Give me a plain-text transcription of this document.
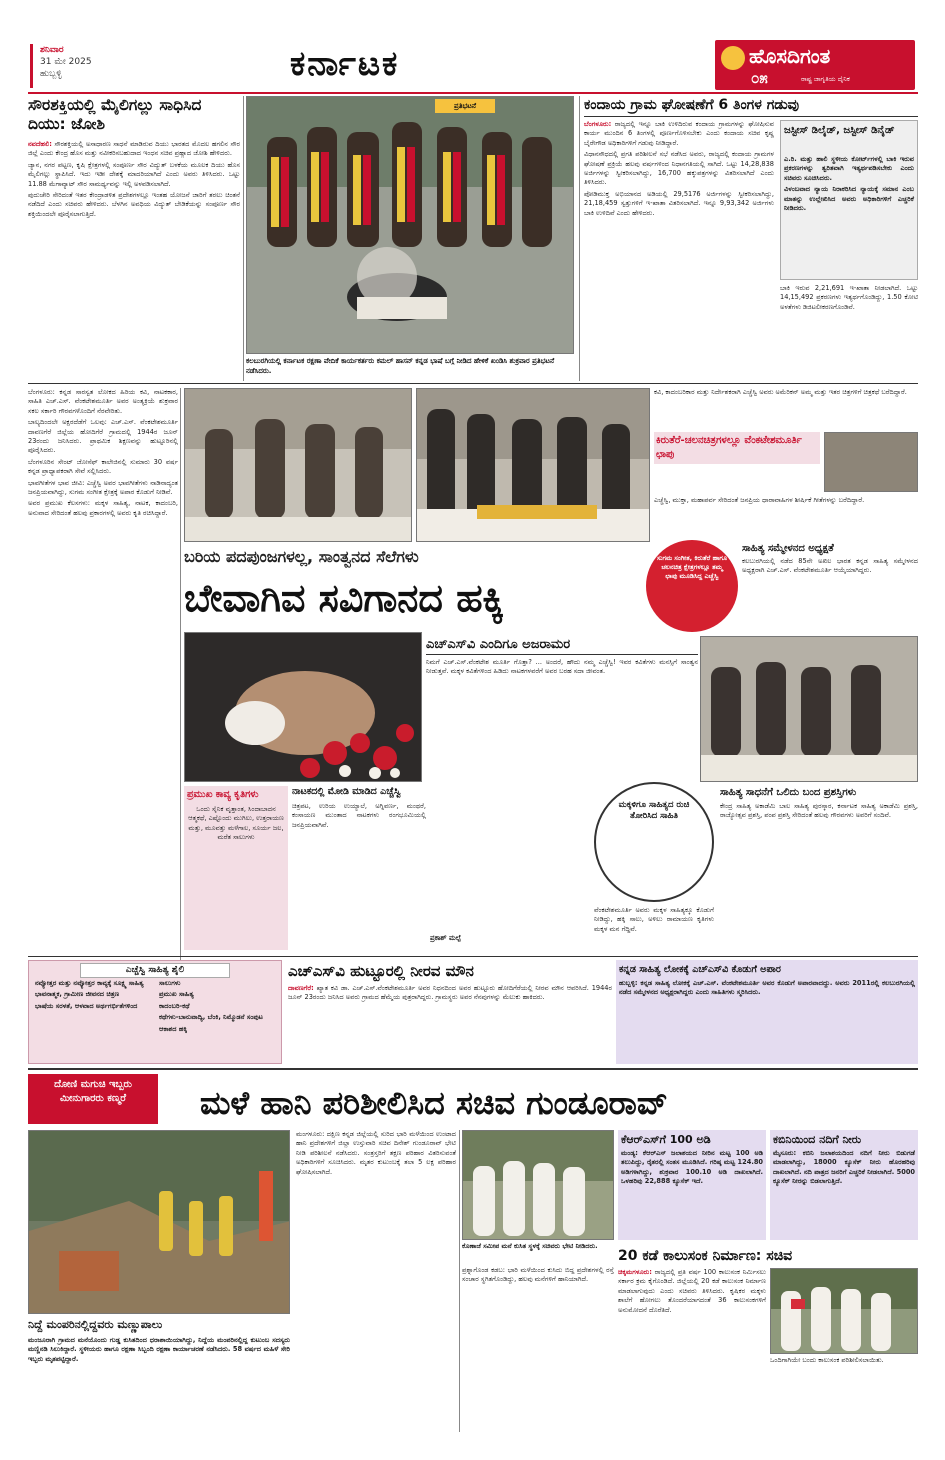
ಶನಿವಾರ
31 ಮೇ 2025
ಹುಬ್ಬಳ್ಳಿ	ಕರ್ನಾಟಕ	ಹೊಸದಿಗಂತ
೦೫	ರಾಷ್ಟ್ರ ಜಾಗೃತಿಯ ದೈನಿಕ
ಸೌರಶಕ್ತಿಯಲ್ಲಿ ಮೈಲಿಗಲ್ಲು ಸಾಧಿಸಿದ ದಿಯು: ಜೋಶಿ

ನವದೆಹಲಿ: ಸೌರಶಕ್ತಿಯಲ್ಲಿ ಅಸಾಧಾರಣ ಸಾಧನೆ ಮಾಡಿರುವ ದಿಯು ಭಾರತದ ಮೊದಲ ಹಗಲಿನ ಸೌರ ಜಿಲ್ಲೆ ಎಂದು ಕೇಂದ್ರ ಹೊಸ ಮತ್ತು ನವೀಕರಿಸಬಹುದಾದ ಇಂಧನ ಸಚಿವ ಪ್ರಹ್ಲಾದ ಜೋಶಿ ಹೇಳಿದರು.

ಜ್ಯಾನ, ನಗರ ಪಟ್ಟಣ, ಕೃಷಿ ಕ್ಷೇತ್ರಗಳಲ್ಲಿ ಸಂಪೂರ್ಣ ಸೌರ ವಿದ್ಯುತ್ ಬಳಕೆಯ ಮೂಲಕ ದಿಯು ಹೊಸ ಮೈಲಿಗಲ್ಲು ಸ್ಥಾಪಿಸಿದೆ. ಇದು ಇಡೀ ದೇಶಕ್ಕೆ ಮಾದರಿಯಾಗಿದೆ ಎಂದು ಅವರು ತಿಳಿಸಿದರು. ಒಟ್ಟು 11.88 ಮೆಗಾವ್ಯಾಟ್ ಸೌರ ಸಾಮರ್ಥ್ಯವನ್ನು ಇಲ್ಲಿ ಅಳವಡಿಸಲಾಗಿದೆ.

ಪುದುಚೇರಿ ಸೇರಿದಂತೆ ಇತರ ಕೇಂದ್ರಾಡಳಿತ ಪ್ರದೇಶಗಳಲ್ಲೂ ಇಂತಹ ಯೋಜನೆ ಜಾರಿಗೆ ತರಲು ಚಿಂತನೆ ನಡೆದಿದೆ ಎಂದು ಸಚಿವರು ಹೇಳಿದರು. ಬೆಳಗಿನ ಅವಧಿಯ ವಿದ್ಯುತ್ ಬೇಡಿಕೆಯನ್ನು ಸಂಪೂರ್ಣ ಸೌರ ಶಕ್ತಿಯಿಂದಲೇ ಪೂರೈಸಲಾಗುತ್ತಿದೆ.

ಪ್ರತಿಭಟನೆ
ಕಲಬುರಗಿಯಲ್ಲಿ ಕರ್ನಾಟಕ ರಕ್ಷಣಾ ವೇದಿಕೆ ಕಾರ್ಯಕರ್ತರು ಕಮಲ್ ಹಾಸನ್ ಕನ್ನಡ ಭಾಷೆ ಬಗ್ಗೆ ನೀಡಿದ ಹೇಳಿಕೆ ಖಂಡಿಸಿ ಶುಕ್ರವಾರ ಪ್ರತಿಭಟನೆ ನಡೆಸಿದರು.
ಕಂದಾಯ ಗ್ರಾಮ ಘೋಷಣೆಗೆ 6 ತಿಂಗಳ ಗಡುವು

ಬೆಂಗಳೂರು: ರಾಜ್ಯದಲ್ಲಿ ಇನ್ನೂ ಬಾಕಿ ಉಳಿದಿರುವ ಕಂದಾಯ ಗ್ರಾಮಗಳನ್ನು ಘೋಷಿಸುವ ಕಾರ್ಯ ಮುಂದಿನ 6 ತಿಂಗಳಲ್ಲಿ ಪೂರ್ಣಗೊಳಿಸಬೇಕು ಎಂದು ಕಂದಾಯ ಸಚಿವ ಕೃಷ್ಣ ಬೈರೇಗೌಡ ಅಧಿಕಾರಿಗಳಿಗೆ ಗಡುವು ನೀಡಿದ್ದಾರೆ.

ವಿಧಾನಸೌಧದಲ್ಲಿ ಪ್ರಗತಿ ಪರಿಶೀಲನೆ ಸಭೆ ನಡೆಸಿದ ಅವರು, ರಾಜ್ಯದಲ್ಲಿ ಕಂದಾಯ ಗ್ರಾಮಗಳ ಘೋಷಣೆ ಪ್ರಕ್ರಿಯೆ ಹಲವು ವರ್ಷಗಳಿಂದ ನಿಧಾನಗತಿಯಲ್ಲಿ ಸಾಗಿದೆ. ಒಟ್ಟು 14,28,838 ಅರ್ಜಿಗಳನ್ನು ಸ್ವೀಕರಿಸಲಾಗಿದ್ದು, 16,700 ಹಕ್ಕುಪತ್ರಗಳನ್ನು ವಿತರಿಸಲಾಗಿದೆ ಎಂದು ತಿಳಿಸಿದರು.

ಪೋಡಿಮುಕ್ತ ಅಭಿಯಾನದ ಅಡಿಯಲ್ಲಿ 29,5176 ಅರ್ಜಿಗಳನ್ನು ಸ್ವೀಕರಿಸಲಾಗಿದ್ದು, 21,18,459 ಸ್ವತ್ತುಗಳಿಗೆ ಇ-ಖಾತಾ ವಿತರಿಸಲಾಗಿದೆ. ಇನ್ನೂ 9,93,342 ಅರ್ಜಿಗಳು ಬಾಕಿ ಉಳಿದಿವೆ ಎಂದು ಹೇಳಿದರು.

ಜಸ್ಟೀಸ್ ಡಿಲೈಡ್, ಜಸ್ಟೀಸ್ ಡಿನೈಡ್

ಎ.ರಿ. ಮತ್ತು ಹಾಲಿ ಸ್ಥಳೀಯ ಕೋರ್ಟ್‌ಗಳಲ್ಲಿ ಬಾಕಿ ಇರುವ ಪ್ರಕರಣಗಳನ್ನು ತ್ವರಿತವಾಗಿ ಇತ್ಯರ್ಥಪಡಿಸಬೇಕು ಎಂದು ಸಚಿವರು ಸೂಚಿಸಿದರು.

ವಿಳಂಬವಾದ ನ್ಯಾಯ ನಿರಾಕರಿಸಿದ ನ್ಯಾಯಕ್ಕೆ ಸಮಾನ ಎಂಬ ಮಾತನ್ನು ಉಲ್ಲೇಖಿಸಿದ ಅವರು ಅಧಿಕಾರಿಗಳಿಗೆ ಎಚ್ಚರಿಕೆ ನೀಡಿದರು.

ಬಾಕಿ ಇರುವ 2,21,691 ಇ-ಖಾತಾ ನೀಡಲಾಗಿದೆ. ಒಟ್ಟು 14,15,492 ಪ್ರಕರಣಗಳು ಇತ್ಯರ್ಥಗೊಂಡಿದ್ದು, 1.50 ಕೋಟಿ ಅಳತೆಗಳು ಡಿಜಿಟಲೀಕರಣಗೊಂಡಿವೆ.

ಬೆಂಗಳೂರು: ಕನ್ನಡ ಸಾರಸ್ವತ ಲೋಕದ ಹಿರಿಯ ಕವಿ, ನಾಟಕಕಾರ, ಸಾಹಿತಿ ಎಚ್.ಎಸ್. ವೆಂಕಟೇಶಮೂರ್ತಿ ಅವರ ಅಂತ್ಯಕ್ರಿಯೆ ಶುಕ್ರವಾರ ಸಕಲ ಸರ್ಕಾರಿ ಗೌರವಗಳೊಂದಿಗೆ ನೆರವೇರಿತು.

ಬಾಲ್ಯದಿಂದಲೇ ಅಕ್ಷರದೆಡೆಗೆ ಒಲವು: ಎಚ್.ಎಸ್. ವೆಂಕಟೇಶಮೂರ್ತಿ ದಾವಣಗೆರೆ ಜಿಲ್ಲೆಯ ಹೋದಿಗೆರೆ ಗ್ರಾಮದಲ್ಲಿ 1944ರ ಜೂನ್ 23ರಂದು ಜನಿಸಿದರು. ಪ್ರಾಥಮಿಕ ಶಿಕ್ಷಣವನ್ನು ಹುಟ್ಟೂರಿನಲ್ಲಿ ಪೂರೈಸಿದರು.

ಬೆಂಗಳೂರಿನ ಸೇಂಟ್ ಜೋಸೆಫ್ ಕಾಲೇಜಿನಲ್ಲಿ ಸುಮಾರು 30 ವರ್ಷ ಕನ್ನಡ ಪ್ರಾಧ್ಯಾಪಕರಾಗಿ ಸೇವೆ ಸಲ್ಲಿಸಿದರು.

ಭಾವಗೀತೆಗಳ ಭಾವ ಜೀವಿ: ಎಚ್ಚೆಸ್ವಿ ಅವರ ಭಾವಗೀತೆಗಳು ನಾಡಿನಾದ್ಯಂತ ಜನಪ್ರಿಯವಾಗಿದ್ದು, ಸುಗಮ ಸಂಗೀತ ಕ್ಷೇತ್ರಕ್ಕೆ ಅಪಾರ ಕೊಡುಗೆ ನೀಡಿವೆ.

ಅವರ ಪ್ರಮುಖ ಕೆಲಸಗಳು: ಮಕ್ಕಳ ಸಾಹಿತ್ಯ, ನಾಟಕ, ಕಾದಂಬರಿ, ಅನುವಾದ ಸೇರಿದಂತೆ ಹಲವು ಪ್ರಕಾರಗಳಲ್ಲಿ ಅವರು ಕೃತಿ ರಚಿಸಿದ್ದಾರೆ.

ಕವಿ, ಕಾದಂಬರಿಕಾರ ಮತ್ತು ನಿರ್ದೇಶಕರಾಗಿ ಎಚ್ಚೆಸ್ವಿ ಅವರು ಅಮೆರಿಕನ್ ಅಮ್ಮ ಮತ್ತು ಇತರ ಚಿತ್ರಗಳಿಗೆ ಚಿತ್ರಕಥೆ ಬರೆದಿದ್ದಾರೆ.
ಕಿರುತೆರೆ-ಚಲನಚಿತ್ರಗಳಲ್ಲೂ ವೆಂಕಟೇಶಮೂರ್ತಿ ಛಾಪು
ಎಚ್ಚೆಸ್ವಿ, ಮುಕ್ತಾ, ಮಹಾಪರ್ವ ಸೇರಿದಂತೆ ಜನಪ್ರಿಯ ಧಾರಾವಾಹಿಗಳ ಶೀರ್ಷಿಕೆ ಗೀತೆಗಳನ್ನು ಬರೆದಿದ್ದಾರೆ.
ಬರಿಯ ಪದಪುಂಜಗಳಲ್ಲ, ಸಾಂತ್ವನದ ಸೆಲೆಗಳು
ಬೇವಾಗಿವ ಸವಿಗಾನದ ಹಕ್ಕಿ
ಸುಗಮ ಸಂಗೀತ, ಕಿರುತೆರೆ ಹಾಗೂ ಚಲನಚಿತ್ರ ಕ್ಷೇತ್ರಗಳಲ್ಲೂ ತಮ್ಮ ಛಾಪು ಮೂಡಿಸಿದ್ದ ಎಚ್ಚೆಸ್ವಿ
ಸಾಹಿತ್ಯ ಸಮ್ಮೇಳನದ ಅಧ್ಯಕ್ಷತೆ
ಕಲಬುರಗಿಯಲ್ಲಿ ನಡೆದ 85ನೇ ಅಖಿಲ ಭಾರತ ಕನ್ನಡ ಸಾಹಿತ್ಯ ಸಮ್ಮೇಳನದ ಅಧ್ಯಕ್ಷರಾಗಿ ಎಚ್.ಎಸ್. ವೆಂಕಟೇಶಮೂರ್ತಿ ಆಯ್ಕೆಯಾಗಿದ್ದರು.
ಎಚ್‌ಎಸ್‌ವಿ ಎಂದಿಗೂ ಅಜರಾಮರ
ನಿಮಗೆ ಎಚ್.ಎಸ್.ವೆಂಕಟೇಶ ಮೂರ್ತಿ ಗೊತ್ತಾ? ... ಅಂದರೆ, ಹೌದು ನಮ್ಮ ಎಚ್ಚೆಸ್ವಿ! ಇವರ ಕವಿತೆಗಳು ಮನಸ್ಸಿಗೆ ಸಾಂತ್ವನ ನೀಡುತ್ತವೆ. ಮಕ್ಕಳ ಕವಿತೆಗಳಿಂದ ಹಿಡಿದು ನಾಟಕಗಳವರೆಗೆ ಅವರ ಬರಹ ಸದಾ ಜೀವಂತ.
ಪ್ರಮುಖ ಕಾವ್ಯ ಕೃತಿಗಳು
ಒಂದು ಸೈನಿಕ ವೃತ್ತಾಂತ, ಸಿಂದಾಬಾದನ ಆತ್ಮಕಥೆ, ಎಷ್ಟೊಂದು ಮುಗಿಲು, ಉತ್ತರಾಯಣ ಮತ್ತು, ಮೂವತ್ತು ಮಳೆಗಾಲ, ಸೂರ್ಯ ಜಲ, ಮರೆತ ಸಾಲುಗಳು
ನಾಟಕದಲ್ಲಿ ಮೋಡಿ ಮಾಡಿದ ಎಚ್ಚೆಸ್ವಿ
ಚಿತ್ರಪಟ, ಉರಿಯ ಉಯ್ಯಾಲೆ, ಅಗ್ನಿವರ್ಣ, ಮಂಥರೆ, ಕಂಸಾಯಣ ಮುಂತಾದ ನಾಟಕಗಳು ರಂಗಭೂಮಿಯಲ್ಲಿ ಜನಪ್ರಿಯವಾಗಿವೆ.
ಪ್ರಕಾಶ್ ಮಲ್ಪೆ
ಮಕ್ಕಳಿಗೂ ಸಾಹಿತ್ಯದ ರುಚಿ ತೋರಿಸಿದ ಸಾಹಿತಿ
ವೆಂಕಟೇಶಮೂರ್ತಿ ಅವರು ಮಕ್ಕಳ ಸಾಹಿತ್ಯಕ್ಕೂ ಕೊಡುಗೆ ನೀಡಿದ್ದು, ಹಕ್ಕಿ ಸಾಲು, ಅಳಿಲು ರಾಮಾಯಣ ಕೃತಿಗಳು ಮಕ್ಕಳ ಮನ ಗೆದ್ದಿವೆ.
ಸಾಹಿತ್ಯ ಸಾಧನೆಗೆ ಒಲಿದು ಬಂದ ಪ್ರಶಸ್ತಿಗಳು
ಕೇಂದ್ರ ಸಾಹಿತ್ಯ ಅಕಾಡೆಮಿ ಬಾಲ ಸಾಹಿತ್ಯ ಪುರಸ್ಕಾರ, ಕರ್ನಾಟಕ ಸಾಹಿತ್ಯ ಅಕಾಡೆಮಿ ಪ್ರಶಸ್ತಿ, ರಾಜ್ಯೋತ್ಸವ ಪ್ರಶಸ್ತಿ, ಪಂಪ ಪ್ರಶಸ್ತಿ ಸೇರಿದಂತೆ ಹಲವು ಗೌರವಗಳು ಅವರಿಗೆ ಸಂದಿವೆ.
ಎಚ್ಚೆಸ್ವಿ ಸಾಹಿತ್ಯ ಶೈಲಿ

ನವ್ಯೋತ್ತರ ಮತ್ತು ನವ್ಯೋತ್ತರ ಕಾವ್ಯಕ್ಕೆ ಸೂಕ್ಷ್ಮ ಸಾಹಿತ್ಯ

ಭಾವನಾತ್ಮಕ, ಗ್ರಾಮೀಣ ಜೀವನದ ಚಿತ್ರಣ

ಭಾಷೆಯ ಸರಳತೆ, ಆಳವಾದ ಅರ್ಥಗರ್ಭಿತೆಗಳಿಂದ

ಸಾಲುಗಳು

ಪ್ರಮುಖ ಸಾಹಿತ್ಯ

ಕಾದಂಬರಿ-ಕಥೆ

ಕಥೆಗಳು-ಬಾನುವಾದ್ಯಿ, ಬೆಂಕಿ, ನಿಮ್ಮೊಡನೆ ಸಂಪುಟ

ಆಕಾಶದ ಹಕ್ಕಿ

ಎಚ್‌ಎಸ್‌ವಿ ಹುಟ್ಟೂರಲ್ಲಿ ನೀರವ ಮೌನ
ದಾವಣಗೆರೆ: ಖ್ಯಾತ ಕವಿ ಡಾ. ಎಚ್.ಎಸ್.ವೆಂಕಟೇಶಮೂರ್ತಿ ಅವರ ನಿಧನದಿಂದ ಅವರ ಹುಟ್ಟೂರು ಹೋದಿಗೆರೆಯಲ್ಲಿ ನೀರವ ಮೌನ ಆವರಿಸಿದೆ. 1944ರ ಜೂನ್ 23ರಂದು ಜನಿಸಿದ ಅವರು ಗ್ರಾಮದ ಹೆಮ್ಮೆಯ ಪುತ್ರರಾಗಿದ್ದರು. ಗ್ರಾಮಸ್ಥರು ಅವರ ನೆನಪುಗಳನ್ನು ಮೆಲುಕು ಹಾಕಿದರು.
ಕನ್ನಡ ಸಾಹಿತ್ಯ ಲೋಕಕ್ಕೆ ಎಚ್‌ಎಸ್‌ವಿ ಕೊಡುಗೆ ಅಪಾರ
ಹುಬ್ಬಳ್ಳಿ: ಕನ್ನಡ ಸಾಹಿತ್ಯ ಲೋಕಕ್ಕೆ ಎಚ್.ಎಸ್. ವೆಂಕಟೇಶಮೂರ್ತಿ ಅವರ ಕೊಡುಗೆ ಅಪಾರವಾದದ್ದು. ಅವರು 2011ರಲ್ಲಿ ಕಲಬುರಗಿಯಲ್ಲಿ ನಡೆದ ಸಮ್ಮೇಳನದ ಅಧ್ಯಕ್ಷರಾಗಿದ್ದರು ಎಂದು ಸಾಹಿತಿಗಳು ಸ್ಮರಿಸಿದರು.
ದೋಣಿ ಮಗುಚಿ ಇಬ್ಬರು ಮೀನುಗಾರರು ಕಣ್ಮರೆ	ಮಳೆ ಹಾನಿ ಪರಿಶೀಲಿಸಿದ ಸಚಿವ ಗುಂಡೂರಾವ್
ನಿದ್ದೆ ಮಂಪರಿನಲ್ಲಿದ್ದವರು ಮಣ್ಣುಪಾಲು
ಮಂಜೂರಾಗಿ ಗ್ರಾಮದ ಮನೆಯೊಂದು ಗುಡ್ಡ ಕುಸಿತದಿಂದ ಧರಾಶಾಯಿಯಾಗಿದ್ದು, ನಿದ್ದೆಯ ಮಂಪರಿನಲ್ಲಿದ್ದ ಕುಟುಂಬ ಸದಸ್ಯರು ಮಣ್ಣಿನಡಿ ಸಿಲುಕಿದ್ದಾರೆ. ಸ್ಥಳೀಯರು ಹಾಗೂ ರಕ್ಷಣಾ ಸಿಬ್ಬಂದಿ ರಕ್ಷಣಾ ಕಾರ್ಯಾಚರಣೆ ನಡೆಸಿದರು. 58 ವರ್ಷದ ಮಹಿಳೆ ಸೇರಿ ಇಬ್ಬರು ಮೃತಪಟ್ಟಿದ್ದಾರೆ.
ಮಂಗಳೂರು: ದಕ್ಷಿಣ ಕನ್ನಡ ಜಿಲ್ಲೆಯಲ್ಲಿ ಸುರಿದ ಭಾರಿ ಮಳೆಯಿಂದ ಉಂಟಾದ ಹಾನಿ ಪ್ರದೇಶಗಳಿಗೆ ಜಿಲ್ಲಾ ಉಸ್ತುವಾರಿ ಸಚಿವ ದಿನೇಶ್ ಗುಂಡೂರಾವ್ ಭೇಟಿ ನೀಡಿ ಪರಿಶೀಲನೆ ನಡೆಸಿದರು. ಸಂತ್ರಸ್ತರಿಗೆ ತಕ್ಷಣ ಪರಿಹಾರ ವಿತರಿಸುವಂತೆ ಅಧಿಕಾರಿಗಳಿಗೆ ಸೂಚಿಸಿದರು. ಮೃತರ ಕುಟುಂಬಕ್ಕೆ ತಲಾ 5 ಲಕ್ಷ ಪರಿಹಾರ ಘೋಷಿಸಲಾಗಿದೆ.
ಕೊಣಾಜೆ ಸಮೀಪ ಮನೆ ಕುಸಿತ ಸ್ಥಳಕ್ಕೆ ಸಚಿವರು ಭೇಟಿ ನೀಡಿದರು.
ಪ್ರಶ್ನಾಗೊಂಡ ಕಡಬ: ಭಾರಿ ಮಳೆಯಿಂದ ಕುಸಿದು ಬಿದ್ದ ಪ್ರದೇಶಗಳಲ್ಲಿ ರಸ್ತೆ ಸಂಚಾರ ಸ್ಥಗಿತಗೊಂಡಿದ್ದು, ಹಲವು ಮನೆಗಳಿಗೆ ಹಾನಿಯಾಗಿದೆ.
ಕೆಆರ್‌ಎಸ್‌ಗೆ 100 ಅಡಿ
ಮಂಡ್ಯ: ಕೆಆರ್‌ಎಸ್ ಜಲಾಶಯದ ನೀರಿನ ಮಟ್ಟ 100 ಅಡಿ ತಲುಪಿದ್ದು, ರೈತರಲ್ಲಿ ಸಂತಸ ಮೂಡಿಸಿದೆ. ಗರಿಷ್ಠ ಮಟ್ಟ 124.80 ಅಡಿಗಳಾಗಿದ್ದು, ಶುಕ್ರವಾರ 100.10 ಅಡಿ ದಾಖಲಾಗಿದೆ. ಒಳಹರಿವು 22,888 ಕ್ಯೂಸೆಕ್ ಇದೆ.
ಕಬಿನಿಯಿಂದ ನದಿಗೆ ನೀರು
ಮೈಸೂರು: ಕಬಿನಿ ಜಲಾಶಯದಿಂದ ನದಿಗೆ ನೀರು ಬಿಡುಗಡೆ ಮಾಡಲಾಗಿದ್ದು, 18000 ಕ್ಯೂಸೆಕ್ ನೀರು ಹೊರಹರಿವು ದಾಖಲಾಗಿದೆ. ನದಿ ಪಾತ್ರದ ಜನರಿಗೆ ಎಚ್ಚರಿಕೆ ನೀಡಲಾಗಿದೆ. 5000 ಕ್ಯೂಸೆಕ್ ನೀರನ್ನು ಬಿಡಲಾಗುತ್ತಿದೆ.
20 ಕಡೆ ಕಾಲುಸಂಕ ನಿರ್ಮಾಣ: ಸಚಿವ
ಚಿಕ್ಕಮಗಳೂರು: ರಾಜ್ಯದಲ್ಲಿ ಪ್ರತಿ ವರ್ಷ 100 ಕಾಲುಸಂಕ ನಿರ್ಮಿಸಲು ಸರ್ಕಾರ ಕ್ರಮ ಕೈಗೊಂಡಿದೆ. ಜಿಲ್ಲೆಯಲ್ಲಿ 20 ಕಡೆ ಕಾಲುಸಂಕ ನಿರ್ಮಾಣ ಮಾಡಲಾಗುವುದು ಎಂದು ಸಚಿವರು ತಿಳಿಸಿದರು. ಕೃಷಿಕರ ಮಕ್ಕಳು ಶಾಲೆಗೆ ಹೋಗಲು ತೊಂದರೆಯಾಗದಂತೆ 36 ಕಾಲುಸಂಕಗಳಿಗೆ ಅನುಮೋದನೆ ದೊರೆತಿದೆ.
ಒಂದಿಗಾಗಿಯೇ ಬಂದು ಕಾಲುಸಂಕ ಪರಿಶೀಲಿಸಲಾಯಿತು.
